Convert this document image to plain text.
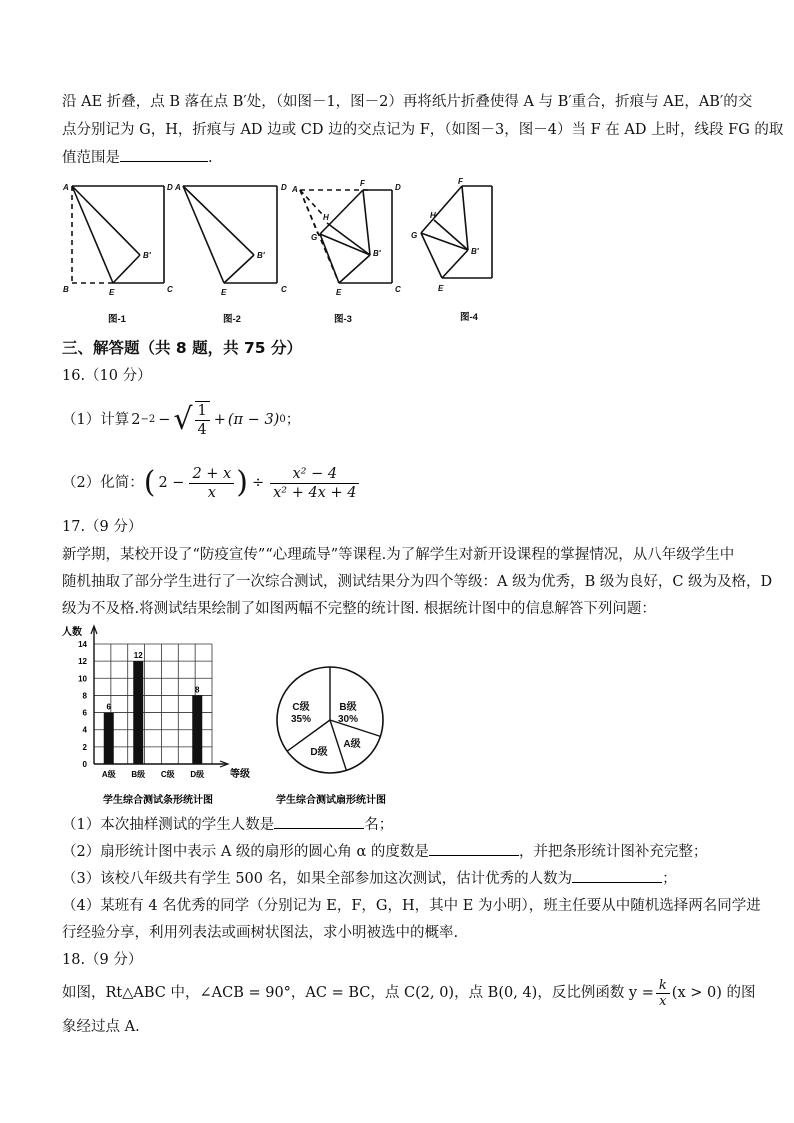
沿 AE 折叠，点 B 落在点 B′处，（如图－1，图－2）再将纸片折叠使得 A 与 B′重合，折痕与 AE，AB′的交
点分别记为 G，H，折痕与 AD 边或 CD 边的交点记为 F，（如图－3，图－4）当 F 在 AD 上时，线段 FG 的取
值范围是	.
A	D
B	E	C
B′
A	D
E	C
B′
A
F	D
H
G
B′
E	C
F
H
G
B′
E
图-1	图-2	图-3	图-4
三、解答题（共 8 题，共 75 分）
16.（10 分）
（1）计算 2 −2 − √ $\frac{1}{4} + (\pi - 3)$ 0 ；
（2）化简： ( $2 - \frac{2 + x}{x}$ ) ÷ $\frac{\text{x² − 4}}{\text{x² + 4x + 4}}$
17.（9 分）
新学期，某校开设了“防疫宣传”“心理疏导”等课程.为了解学生对新开设课程的掌握情况，从八年级学生中
随机抽取了部分学生进行了一次综合测试，测试结果分为四个等级：A 级为优秀，B 级为良好，C 级为及格，D
级为不及格.将测试结果绘制了如图两幅不完整的统计图. 根据统计图中的信息解答下列问题：
人数
6
12
8
0
2
4
6
8
10
12
14
A级 B级 C级 D级	等级
学生综合测试条形统计图
B级
30%
A级
D级
C级
35%
学生综合测试扇形统计图
（1）本次抽样测试的学生人数是	名；
（2）扇形统计图中表示 A 级的扇形的圆心角 α 的度数是	，并把条形统计图补充完整；
（3）该校八年级共有学生 500 名，如果全部参加这次测试，估计优秀的人数为	；
（4）某班有 4 名优秀的同学（分别记为 E，F，G，H，其中 E 为小明），班主任要从中随机选择两名同学进
行经验分享，利用列表法或画树状图法，求小明被选中的概率.
18.（9 分）
如图，Rt△ABC 中，∠ACB = 90°，AC = BC，点 C(2, 0)，点 B(0, 4)，反比例函数 $y = \frac{k}{x} (x > 0)$ 的图
象经过点 A.
